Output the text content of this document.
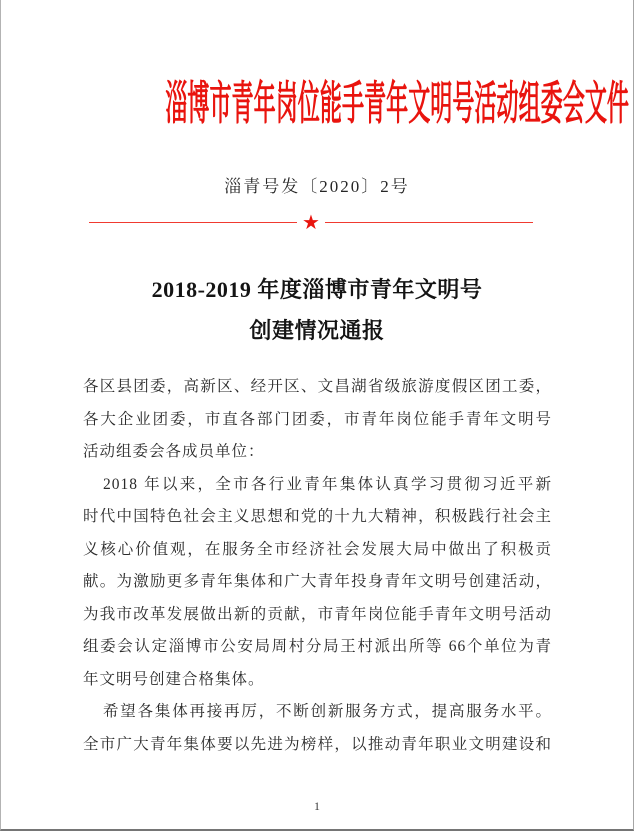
淄博市青年岗位能手青年文明号活动组委会文件
淄青号发〔2020〕2号
★
2018-2019 年度淄博市青年文明号
创建情况通报
各区县团委，高新区、经开区、文昌湖省级旅游度假区团工委，
各大企业团委，市直各部门团委，市青年岗位能手青年文明号
活动组委会各成员单位：
2018 年以来，全市各行业青年集体认真学习贯彻习近平新
时代中国特色社会主义思想和党的十九大精神，积极践行社会主
义核心价值观，在服务全市经济社会发展大局中做出了积极贡
献。为激励更多青年集体和广大青年投身青年文明号创建活动，
为我市改革发展做出新的贡献，市青年岗位能手青年文明号活动
组委会认定淄博市公安局周村分局王村派出所等 66个单位为青
年文明号创建合格集体。
希望各集体再接再厉，不断创新服务方式，提高服务水平。
全市广大青年集体要以先进为榜样，以推动青年职业文明建设和
1
